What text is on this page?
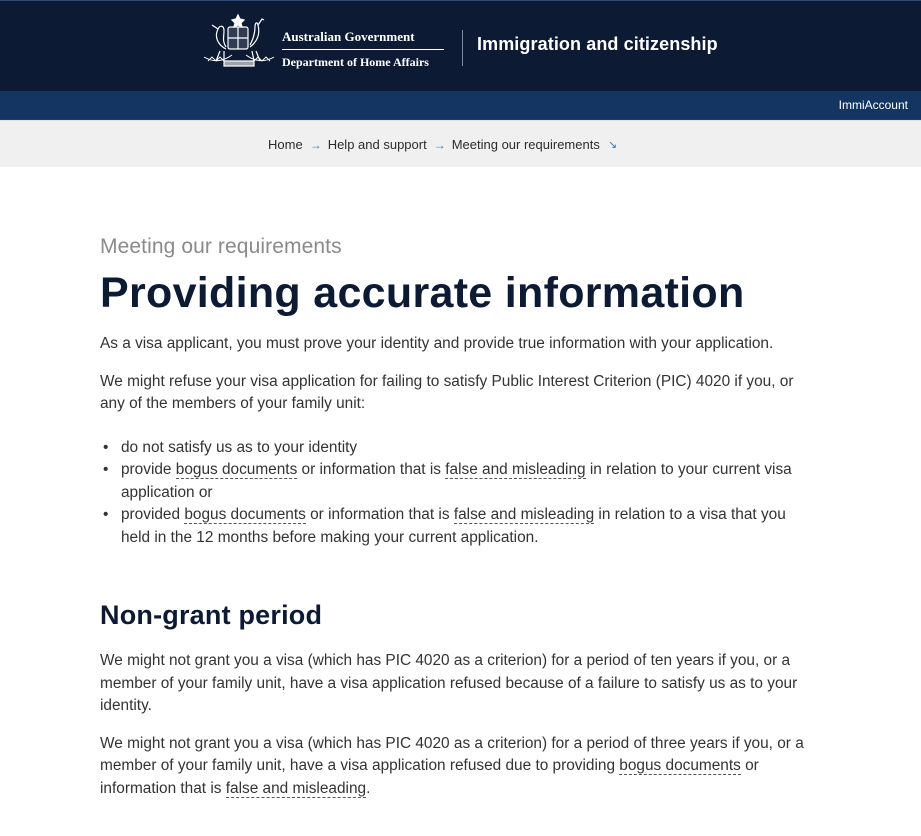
Australian Government
Department of Home Affairs
Immigration and citizenship
ImmiAccount
Home → Help and support → Meeting our requirements ↘
Meeting our requirements
Providing accurate information

As a visa applicant, you must prove your identity and provide true information with your application.

We might refuse your visa application for failing to satisfy Public Interest Criterion (PIC) 4020 if you, or any of the members of your family unit:

• do not satisfy us as to your identity
• provide bogus documents or information that is false and misleading in relation to your current visa application or
• provided bogus documents or information that is false and misleading in relation to a visa that you held in the 12 months before making your current application.
Non-grant period

We might not grant you a visa (which has PIC 4020 as a criterion) for a period of ten years if you, or a member of your family unit, have a visa application refused because of a failure to satisfy us as to your identity.

We might not grant you a visa (which has PIC 4020 as a criterion) for a period of three years if you, or a member of your family unit, have a visa application refused due to providing bogus documents or information that is false and misleading.
